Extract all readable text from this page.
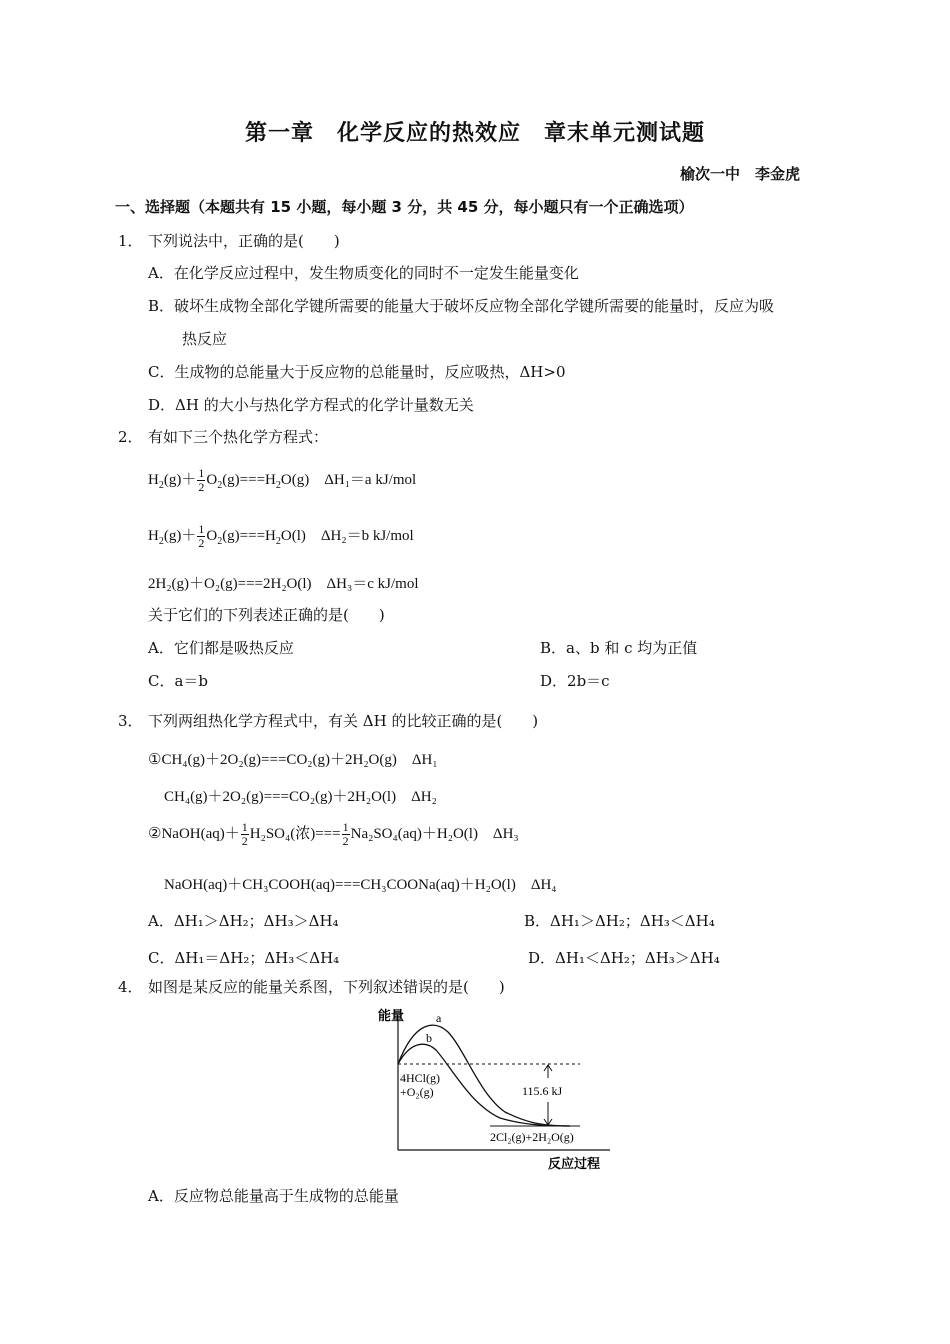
第一章　化学反应的热效应　章末单元测试题
榆次一中　李金虎
一、选择题（本题共有 15 小题，每小题 3 分，共 45 分，每小题只有一个正确选项）
1． 下列说法中，正确的是(　　)
A．在化学反应过程中，发生物质变化的同时不一定发生能量变化
B．破坏生成物全部化学键所需要的能量大于破坏反应物全部化学键所需要的能量时，反应为吸
热反应
C．生成物的总能量大于反应物的总能量时，反应吸热，ΔH>0
D．ΔH 的大小与热化学方程式的化学计量数无关
2． 有如下三个热化学方程式：
$H_2(g)+ \frac{1}{2} O_2(g)===H_2O(g)$　ΔH₁＝a kJ/mol
$H_2(g)+ \frac{1}{2} O_2(g)===H_2O(l)$　ΔH₂＝b kJ/mol
2H₂(g)＋O₂(g)===2H₂O(l)　ΔH₃＝c kJ/mol
关于它们的下列表述正确的是(　　)
A．它们都是吸热反应	B．a、b 和 c 均为正值
C．a＝b	D．2b＝c
3． 下列两组热化学方程式中，有关 ΔH 的比较正确的是(　　)
①CH₄(g)＋2O₂(g)===CO₂(g)＋2H₂O(g)　ΔH₁
CH₄(g)＋2O₂(g)===CO₂(g)＋2H₂O(l)　ΔH₂
②NaOH(aq)＋ $\frac{1}{2} H_2SO_4$(浓)=== $\frac{1}{2} Na_2SO_4(aq)+H_2O(l)$　ΔH₃
NaOH(aq)＋CH₃COOH(aq)===CH₃COONa(aq)＋H₂O(l)　ΔH₄
A．ΔH₁＞ΔH₂；ΔH₃＞ΔH₄	B．ΔH₁＞ΔH₂；ΔH₃＜ΔH₄
C．ΔH₁＝ΔH₂；ΔH₃＜ΔH₄	D．ΔH₁＜ΔH₂；ΔH₃＞ΔH₄
4． 如图是某反应的能量关系图，下列叙述错误的是(　　)
能量	a
b
115.6 kJ
4HCl(g)
+O₂(g)
2Cl₂(g)+2H₂O(g)
反应过程
A．反应物总能量高于生成物的总能量
